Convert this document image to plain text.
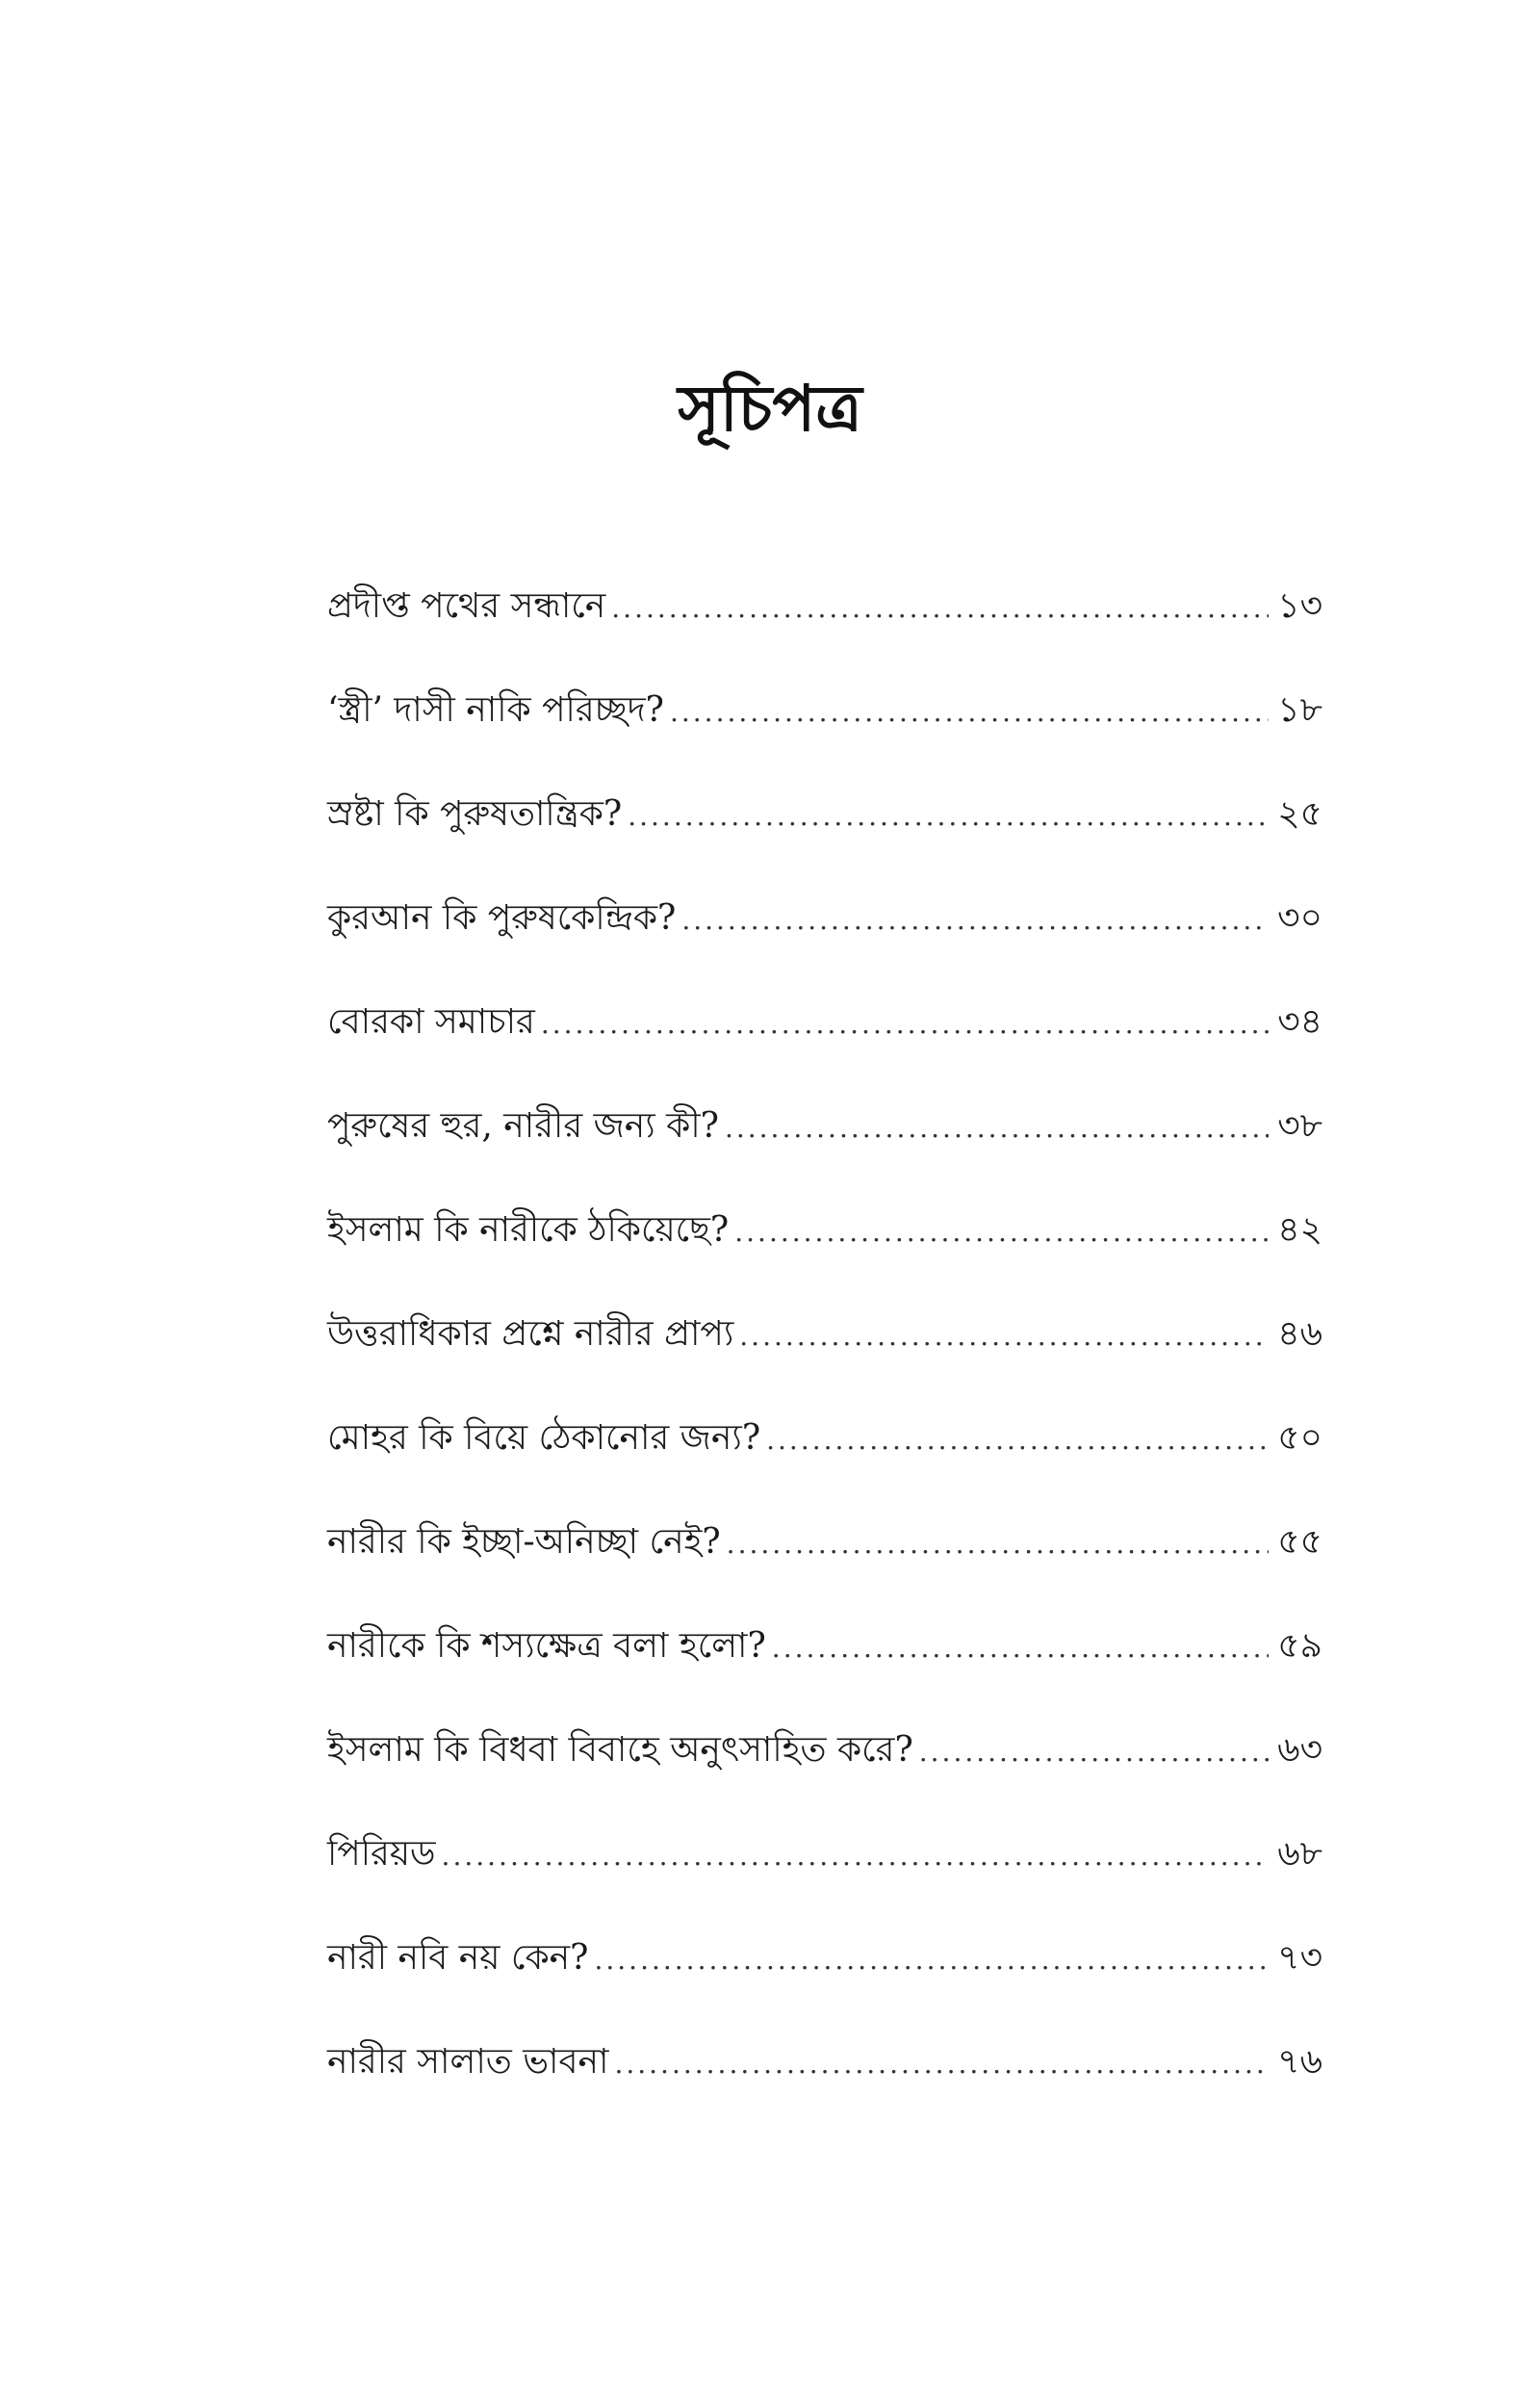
সূচিপত্র
প্রদীপ্ত পথের সন্ধানে .....	১৩
‘স্ত্রী’ দাসী নাকি পরিচ্ছদ? .....	১৮
স্রষ্টা কি পুরুষতান্ত্রিক? .....	২৫
কুরআন কি পুরুষকেন্দ্রিক? .....	৩০
বোরকা সমাচার .....	৩৪
পুরুষের হুর, নারীর জন্য কী? .....	৩৮
ইসলাম কি নারীকে ঠকিয়েছে? .....	৪২
উত্তরাধিকার প্রশ্নে নারীর প্রাপ্য .....	৪৬
মোহর কি বিয়ে ঠেকানোর জন্য? .....	৫০
নারীর কি ইচ্ছা-অনিচ্ছা নেই? .....	৫৫
নারীকে কি শস্যক্ষেত্র বলা হলো? .....	৫৯
ইসলাম কি বিধবা বিবাহে অনুৎসাহিত করে? .....	৬৩
পিরিয়ড .....	৬৮
নারী নবি নয় কেন? .....	৭৩
নারীর সালাত ভাবনা .....	৭৬
